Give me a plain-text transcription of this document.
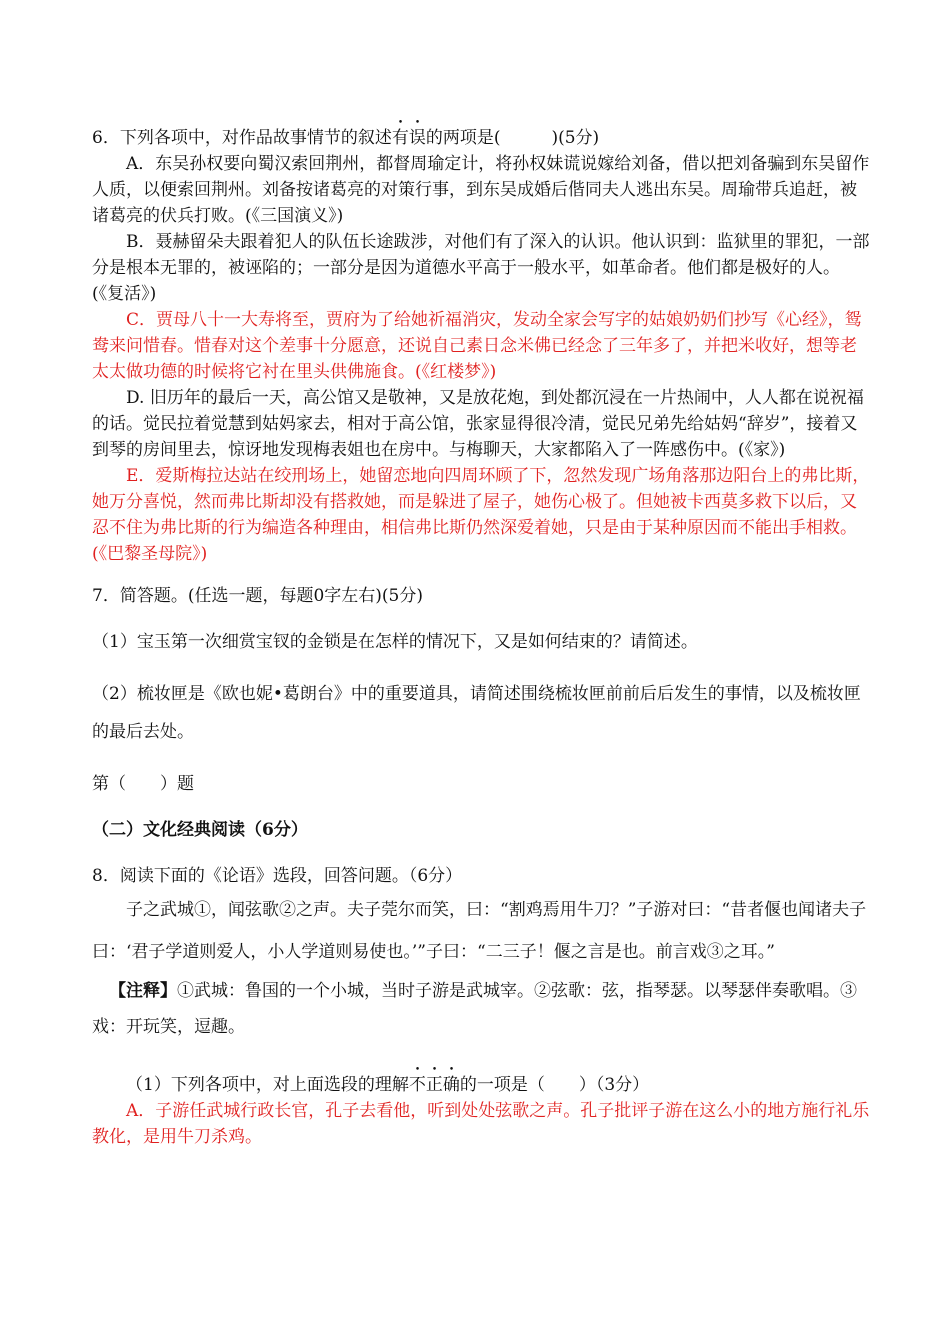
6．下列各项中，对作品故事情节的叙述有误的两项是(　　　)(5分)

A．东吴孙权要向蜀汉索回荆州，都督周瑜定计，将孙权妹谎说嫁给刘备，借以把刘备骗到东吴留作人质，以便索回荆州。刘备按诸葛亮的对策行事，到东吴成婚后偕同夫人逃出东吴。周瑜带兵追赶，被诸葛亮的伏兵打败。(《三国演义》)

B．聂赫留朵夫跟着犯人的队伍长途跋涉，对他们有了深入的认识。他认识到：监狱里的罪犯，一部分是根本无罪的，被诬陷的；一部分是因为道德水平高于一般水平，如革命者。他们都是极好的人。(《复活》)

C．贾母八十一大寿将至，贾府为了给她祈福消灾，发动全家会写字的姑娘奶奶们抄写《心经》，鸳鸯来问惜春。惜春对这个差事十分愿意，还说自己素日念米佛已经念了三年多了，并把米收好，想等老太太做功德的时候将它衬在里头供佛施食。(《红楼梦》)

D. 旧历年的最后一天，高公馆又是敬神，又是放花炮，到处都沉浸在一片热闹中，人人都在说祝福的话。觉民拉着觉慧到姑妈家去，相对于高公馆，张家显得很冷清，觉民兄弟先给姑妈“辞岁”，接着又到琴的房间里去，惊讶地发现梅表姐也在房中。与梅聊天，大家都陷入了一阵感伤中。(《家》)

E．爱斯梅拉达站在绞刑场上，她留恋地向四周环顾了下，忽然发现广场角落那边阳台上的弗比斯，她万分喜悦，然而弗比斯却没有搭救她，而是躲进了屋子，她伤心极了。但她被卡西莫多救下以后，又忍不住为弗比斯的行为编造各种理由，相信弗比斯仍然深爱着她，只是由于某种原因而不能出手相救。(《巴黎圣母院》)

7．简答题。(任选一题，每题0字左右)(5分)

（1）宝玉第一次细赏宝钗的金锁是在怎样的情况下，又是如何结束的？请简述。

（2）梳妆匣是《欧也妮•葛朗台》中的重要道具，请简述围绕梳妆匣前前后后发生的事情，以及梳妆匣的最后去处。

第（　　）题

（二）文化经典阅读（6分）

8．阅读下面的《论语》选段，回答问题。（6分）

子之武城①，闻弦歌②之声。夫子莞尔而笑，曰：“割鸡焉用牛刀？”子游对曰：“昔者偃也闻诸夫子曰：‘君子学道则爱人，小人学道则易使也。’”子曰：“二三子！偃之言是也。前言戏③之耳。”

【注释】①武城：鲁国的一个小城，当时子游是武城宰。②弦歌：弦，指琴瑟。以琴瑟伴奏歌唱。③ 戏：开玩笑，逗趣。

（1）下列各项中，对上面选段的理解不正确的一项是（　　）（3分）

A．子游任武城行政长官，孔子去看他，听到处处弦歌之声。孔子批评子游在这么小的地方施行礼乐教化，是用牛刀杀鸡。
